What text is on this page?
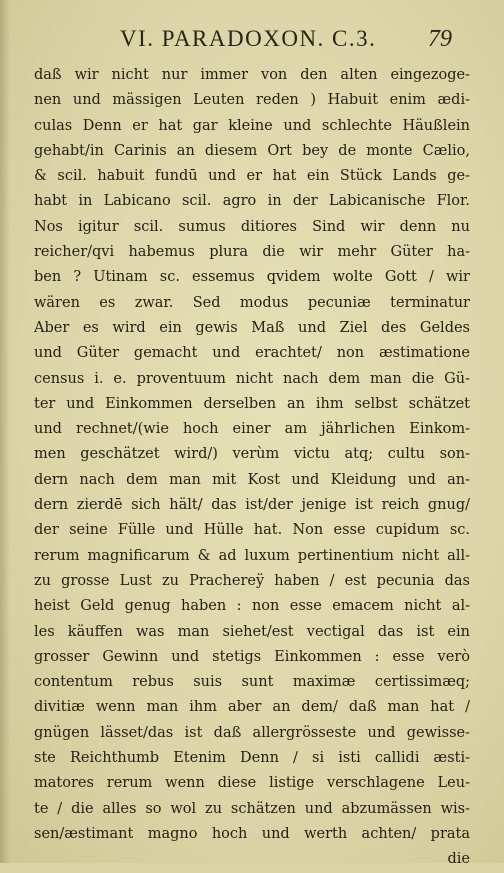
VI. PARADOXON. C.3. 79
daß wir nicht nur immer von den alten eingezoge-
nen und mässigen Leuten reden ) Habuit enim ædi-
culas Denn er hat gar kleine und schlechte Häußlein
gehabt/in Carinis an diesem Ort bey de monte Cælio,
& scil. habuit fundū und er hat ein Stück Lands ge-
habt in Labicano scil. agro in der Labicanische Flor.
Nos igitur scil. sumus ditiores Sind wir denn nu
reicher/qvi habemus plura die wir mehr Güter ha-
ben ? Utinam sc. essemus qvidem wolte Gott / wir
wären es zwar. Sed modus pecuniæ terminatur
Aber es wird ein gewis Maß und Ziel des Geldes
und Güter gemacht und erachtet/ non æstimatione
census i. e. proventuum nicht nach dem man die Gü-
ter und Einkommen derselben an ihm selbst schätzet
und rechnet/(wie hoch einer am jährlichen Einkom-
men geschätzet wird/) verùm victu atq; cultu son-
dern nach dem man mit Kost und Kleidung und an-
dern zierdē sich hält/ das ist/der jenige ist reich gnug/
der seine Fülle und Hülle hat. Non esse cupidum sc.
rerum magnificarum & ad luxum pertinentium nicht all-
zu grosse Lust zu Prachereÿ haben / est pecunia das
heist Geld genug haben : non esse emacem nicht al-
les käuffen was man siehet/est vectigal das ist ein
grosser Gewinn und stetigs Einkommen : esse verò
contentum rebus suis sunt maximæ certissimæq;
divitiæ wenn man ihm aber an dem/ daß man hat /
gnügen lässet/das ist daß allergrösseste und gewisse-
ste Reichthumb Etenim Denn / si isti callidi æsti-
matores rerum wenn diese listige verschlagene Leu-
te / die alles so wol zu schätzen und abzumässen wis-
sen/æstimant magno hoch und werth achten/ prata
die
